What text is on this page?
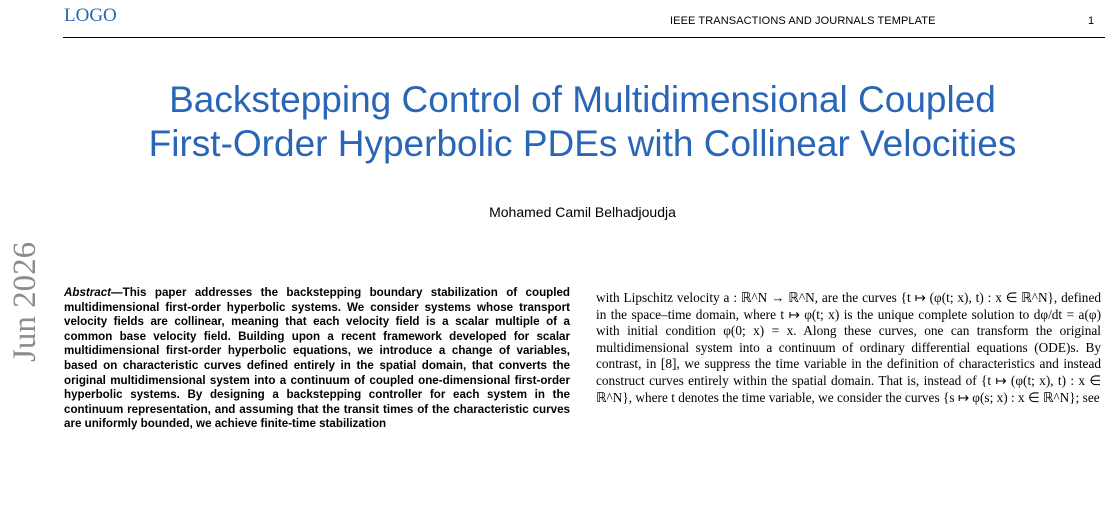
LOGO	IEEE TRANSACTIONS AND JOURNALS TEMPLATE	1
Backstepping Control of Multidimensional Coupled
First-Order Hyperbolic PDEs with Collinear Velocities
Mohamed Camil Belhadjoudja
Jun 2026 Abstract—This paper addresses the backstepping boundary stabilization of coupled multidimensional first-order hyperbolic systems. We consider systems whose transport velocity fields are collinear, meaning that each velocity field is a scalar multiple of a common base velocity field. Building upon a recent framework developed for scalar multidimensional first-order hyperbolic equations, we introduce a change of variables, based on characteristic curves defined entirely in the spatial domain, that converts the original multidimensional system into a continuum of coupled one-dimensional first-order hyperbolic systems. By designing a backstepping controller for each system in the continuum representation, and assuming that the transit times of the characteristic curves are uniformly bounded, we achieve finite-time stabilization
with Lipschitz velocity a : ℝ^N → ℝ^N, are the curves {t ↦ (φ(t; x), t) : x ∈ ℝ^N}, defined in the space–time domain, where t ↦ φ(t; x) is the unique complete solution to dφ/dt = a(φ) with initial condition φ(0; x) = x. Along these curves, one can transform the original multidimensional system into a continuum of ordinary differential equations (ODE)s. By contrast, in [8], we suppress the time variable in the definition of characteristics and instead construct curves entirely within the spatial domain. That is, instead of {t ↦ (φ(t; x), t) : x ∈ ℝ^N}, where t denotes the time variable, we consider the curves {s ↦ φ(s; x) : x ∈ ℝ^N}; see
